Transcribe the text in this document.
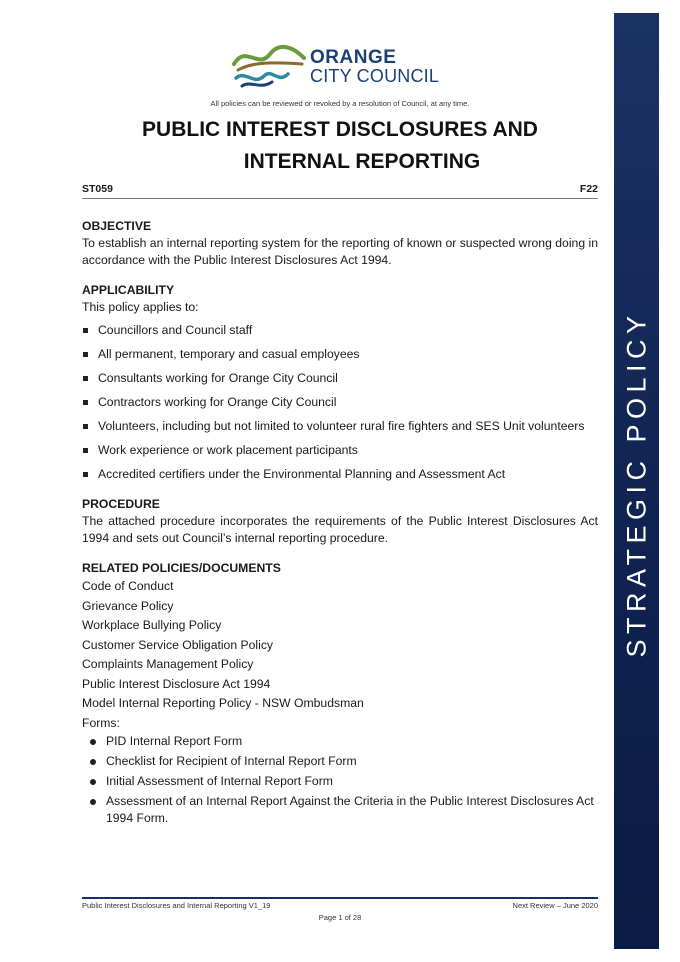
ORANGE
CITY COUNCIL
All policies can be reviewed or revoked by a resolution of Council, at any time.
PUBLIC INTEREST DISCLOSURES AND
INTERNAL REPORTING
ST059	F22

OBJECTIVE

To establish an internal reporting system for the reporting of known or suspected wrong doing in accordance with the Public Interest Disclosures Act 1994.

APPLICABILITY

This policy applies to:

Councillors and Council staff
All permanent, temporary and casual employees
Consultants working for Orange City Council
Contractors working for Orange City Council
Volunteers, including but not limited to volunteer rural fire fighters and SES Unit volunteers
Work experience or work placement participants
Accredited certifiers under the Environmental Planning and Assessment Act

PROCEDURE

The attached procedure incorporates the requirements of the Public Interest Disclosures Act 1994 and sets out Council’s internal reporting procedure.

RELATED POLICIES/DOCUMENTS

Code of Conduct

Grievance Policy

Workplace Bullying Policy

Customer Service Obligation Policy

Complaints Management Policy

Public Interest Disclosure Act 1994

Model Internal Reporting Policy - NSW Ombudsman

Forms:

PID Internal Report Form
Checklist for Recipient of Internal Report Form
Initial Assessment of Internal Report Form
Assessment of an Internal Report Against the Criteria in the Public Interest Disclosures Act 1994 Form.
Public Interest Disclosures and Internal Reporting V1_19	Next Review – June 2020
Page 1 of 28
STRATEGIC POLICY
